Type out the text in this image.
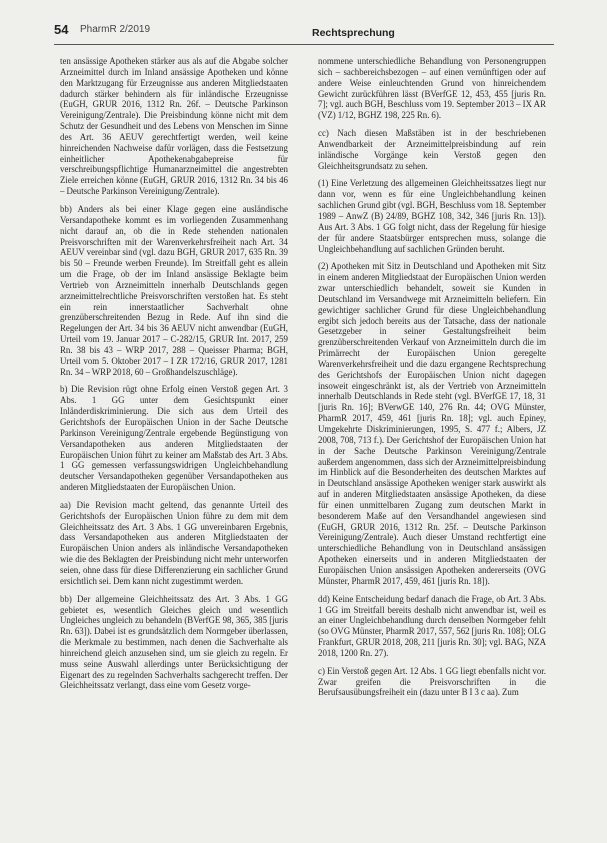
54 PharmR 2/2019	Rechtsprechung

ten ansässige Apotheken stärker aus als auf die Abgabe solcher Arzneimittel durch im Inland ansässige Apotheken und könne den Marktzugang für Erzeugnisse aus anderen Mitgliedstaaten dadurch stärker behindern als für inländische Erzeugnisse (EuGH, GRUR 2016, 1312 Rn. 26f. – Deutsche Parkinson Vereinigung/Zentrale). Die Preisbindung könne nicht mit dem Schutz der Gesundheit und des Lebens von Menschen im Sinne des Art. 36 AEUV gerechtfertigt werden, weil keine hinreichenden Nachweise dafür vorlägen, dass die Festsetzung einheitlicher Apothekenabgabepreise für verschreibungspflichtige Humanarzneimittel die angestrebten Ziele erreichen könne (EuGH, GRUR 2016, 1312 Rn. 34 bis 46 – Deutsche Parkinson Vereinigung/Zentrale).

bb) Anders als bei einer Klage gegen eine ausländische Versandapotheke kommt es im vorliegenden Zusammenhang nicht darauf an, ob die in Rede stehenden nationalen Preisvorschriften mit der Warenverkehrsfreiheit nach Art. 34 AEUV vereinbar sind (vgl. dazu BGH, GRUR 2017, 635 Rn. 39 bis 50 – Freunde werben Freunde). Im Streitfall geht es allein um die Frage, ob der im Inland ansässige Beklagte beim Vertrieb von Arzneimitteln innerhalb Deutschlands gegen arzneimittelrechtliche Preisvorschriften verstoßen hat. Es steht ein rein innerstaatlicher Sachverhalt ohne grenzüberschreitenden Bezug in Rede. Auf ihn sind die Regelungen der Art. 34 bis 36 AEUV nicht anwendbar (EuGH, Urteil vom 19. Januar 2017 – C-282/15, GRUR Int. 2017, 259 Rn. 38 bis 43 – WRP 2017, 288 – Queisser Pharma; BGH, Urteil vom 5. Oktober 2017 – I ZR 172/16, GRUR 2017, 1281 Rn. 34 – WRP 2018, 60 – Großhandelszuschläge).

b) Die Revision rügt ohne Erfolg einen Verstoß gegen Art. 3 Abs. 1 GG unter dem Gesichtspunkt einer Inländerdiskriminierung. Die sich aus dem Urteil des Gerichtshofs der Europäischen Union in der Sache Deutsche Parkinson Vereinigung/Zentrale ergebende Begünstigung von Versandapotheken aus anderen Mitgliedstaaten der Europäischen Union führt zu keiner am Maßstab des Art. 3 Abs. 1 GG gemessen verfassungswidrigen Ungleichbehandlung deutscher Versandapotheken gegenüber Versandapotheken aus anderen Mitgliedstaaten der Europäischen Union.

aa) Die Revision macht geltend, das genannte Urteil des Gerichtshofs der Europäischen Union führe zu dem mit dem Gleichheitssatz des Art. 3 Abs. 1 GG unvereinbaren Ergebnis, dass Versandapotheken aus anderen Mitgliedstaaten der Europäischen Union anders als inländische Versandapotheken wie die des Beklagten der Preisbindung nicht mehr unterworfen seien, ohne dass für diese Differenzierung ein sachlicher Grund ersichtlich sei. Dem kann nicht zugestimmt werden.

bb) Der allgemeine Gleichheitssatz des Art. 3 Abs. 1 GG gebietet es, wesentlich Gleiches gleich und wesentlich Ungleiches ungleich zu behandeln (BVerfGE 98, 365, 385 [juris Rn. 63]). Dabei ist es grundsätzlich dem Normgeber überlassen, die Merkmale zu bestimmen, nach denen die Sachverhalte als hinreichend gleich anzusehen sind, um sie gleich zu regeln. Er muss seine Auswahl allerdings unter Berücksichtigung der Eigenart des zu regelnden Sachverhalts sachgerecht treffen. Der Gleichheitssatz verlangt, dass eine vom Gesetz vorge-

nommene unterschiedliche Behandlung von Personengruppen sich – sachbereichsbezogen – auf einen vernünftigen oder auf andere Weise einleuchtenden Grund von hinreichendem Gewicht zurückführen lässt (BVerfGE 12, 453, 455 [juris Rn. 7]; vgl. auch BGH, Beschluss vom 19. September 2013 – IX AR (VZ) 1/12, BGHZ 198, 225 Rn. 6).

cc) Nach diesen Maßstäben ist in der beschriebenen Anwendbarkeit der Arzneimittelpreisbindung auf rein inländische Vorgänge kein Verstoß gegen den Gleichheitsgrundsatz zu sehen.

(1) Eine Verletzung des allgemeinen Gleichheitssatzes liegt nur dann vor, wenn es für eine Ungleichbehandlung keinen sachlichen Grund gibt (vgl. BGH, Beschluss vom 18. September 1989 – AnwZ (B) 24/89, BGHZ 108, 342, 346 [juris Rn. 13]). Aus Art. 3 Abs. 1 GG folgt nicht, dass der Regelung für hiesige der für andere Staatsbürger entsprechen muss, solange die Ungleichbehandlung auf sachlichen Gründen beruht.

(2) Apotheken mit Sitz in Deutschland und Apotheken mit Sitz in einem anderen Mitgliedstaat der Europäischen Union werden zwar unterschiedlich behandelt, soweit sie Kunden in Deutschland im Versandwege mit Arzneimitteln beliefern. Ein gewichtiger sachlicher Grund für diese Ungleichbehandlung ergibt sich jedoch bereits aus der Tatsache, dass der nationale Gesetzgeber in seiner Gestaltungsfreiheit beim grenzüberschreitenden Verkauf von Arzneimitteln durch die im Primärrecht der Europäischen Union geregelte Warenverkehrsfreiheit und die dazu ergangene Rechtsprechung des Gerichtshofs der Europäischen Union nicht dagegen insoweit eingeschränkt ist, als der Vertrieb von Arzneimitteln innerhalb Deutschlands in Rede steht (vgl. BVerfGE 17, 18, 31 [juris Rn. 16]; BVerwGE 140, 276 Rn. 44; OVG Münster, PharmR 2017, 459, 461 [juris Rn. 18]; vgl. auch Epiney, Umgekehrte Diskriminierungen, 1995, S. 477 f.; Albers, JZ 2008, 708, 713 f.). Der Gerichtshof der Europäischen Union hat in der Sache Deutsche Parkinson Vereinigung/Zentrale außerdem angenommen, dass sich der Arzneimittelpreisbindung im Hinblick auf die Besonderheiten des deutschen Marktes auf in Deutschland ansässige Apotheken weniger stark auswirkt als auf in anderen Mitgliedstaaten ansässige Apotheken, da diese für einen unmittelbaren Zugang zum deutschen Markt in besonderem Maße auf den Versandhandel angewiesen sind (EuGH, GRUR 2016, 1312 Rn. 25f. – Deutsche Parkinson Vereinigung/Zentrale). Auch dieser Umstand rechtfertigt eine unterschiedliche Behandlung von in Deutschland ansässigen Apotheken einerseits und in anderen Mitgliedstaaten der Europäischen Union ansässigen Apotheken andererseits (OVG Münster, PharmR 2017, 459, 461 [juris Rn. 18]).

dd) Keine Entscheidung bedarf danach die Frage, ob Art. 3 Abs. 1 GG im Streitfall bereits deshalb nicht anwendbar ist, weil es an einer Ungleichbehandlung durch denselben Normgeber fehlt (so OVG Münster, PharmR 2017, 557, 562 [juris Rn. 108]; OLG Frankfurt, GRUR 2018, 208, 211 [juris Rn. 30]; vgl. BAG, NZA 2018, 1200 Rn. 27).

c) Ein Verstoß gegen Art. 12 Abs. 1 GG liegt ebenfalls nicht vor. Zwar greifen die Preisvorschriften in die Berufsausübungsfreiheit ein (dazu unter B I 3 c aa). Zum
